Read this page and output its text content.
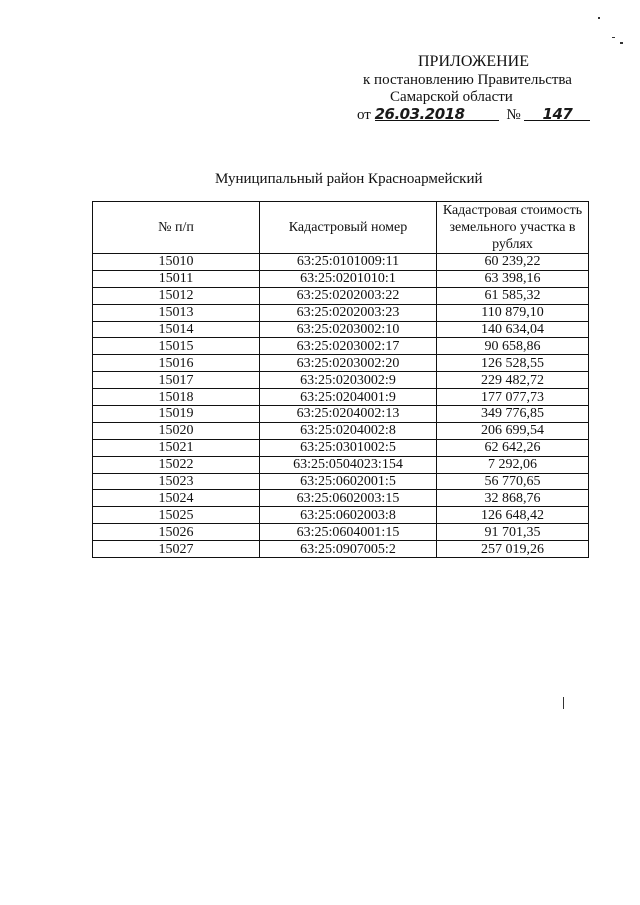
ПРИЛОЖЕНИЕ
к постановлению Правительства
Самарской области
от 26.03.2018	№ 147
Муниципальный район Красноармейский
№ п/п	Кадастровый номер	Кадастровая стоимость земельного участка в рублях
15010	63:25:0101009:11	60 239,22
15011	63:25:0201010:1	63 398,16
15012	63:25:0202003:22	61 585,32
15013	63:25:0202003:23	110 879,10
15014	63:25:0203002:10	140 634,04
15015	63:25:0203002:17	90 658,86
15016	63:25:0203002:20	126 528,55
15017	63:25:0203002:9	229 482,72
15018	63:25:0204001:9	177 077,73
15019	63:25:0204002:13	349 776,85
15020	63:25:0204002:8	206 699,54
15021	63:25:0301002:5	62 642,26
15022	63:25:0504023:154	7 292,06
15023	63:25:0602001:5	56 770,65
15024	63:25:0602003:15	32 868,76
15025	63:25:0602003:8	126 648,42
15026	63:25:0604001:15	91 701,35
15027	63:25:0907005:2	257 019,26
